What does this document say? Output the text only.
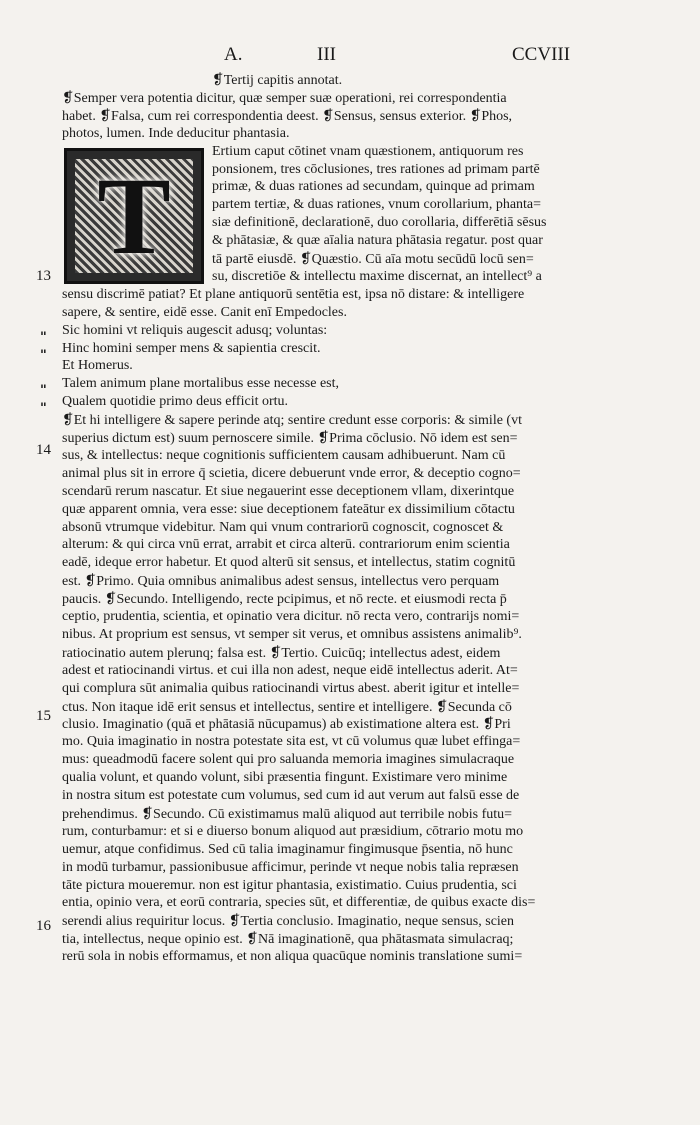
A.	III	CCVIII
T
13
14
15
16
"
"
"
"
❡Tertij capitis annotat.
❡Semper vera potentia dicitur, quæ semper suæ operationi, rei correspondentia
habet. ❡Falsa, cum rei correspondentia deest. ❡Sensus, sensus exterior. ❡Phos,
photos, lumen. Inde deducitur phantasia.
Ertium caput cōtinet vnam quæstionem, antiquorum res
ponsionem, tres cōclusiones, tres rationes ad primam partē
primæ, & duas rationes ad secundam, quinque ad primam
partem tertiæ, & duas rationes, vnum corollarium, phanta=
siæ definitionē, declarationē, duo corollaria, differētiā sēsus
& phātasiæ, & quæ aīalia natura phātasia regatur. post quar
tā partē eiusdē. ❡Quæstio. Cū aīa motu secūdū locū sen=
su, discretiōe & intellectu maxime discernat, an intellect⁹ a
sensu discrimē patiat? Et plane antiquorū sentētia est, ipsa nō distare: & intelligere
sapere, & sentire, eidē esse. Canit enī Empedocles.
Sic homini vt reliquis augescit adusq; voluntas:
Hinc homini semper mens & sapientia crescit.
Et Homerus.
Talem animum plane mortalibus esse necesse est,
Qualem quotidie primo deus efficit ortu.
❡Et hi intelligere & sapere perinde atq; sentire credunt esse corporis: & simile (vt
superius dictum est) suum pernoscere simile. ❡Prima cōclusio. Nō idem est sen=
sus, & intellectus: neque cognitionis sufficientem causam adhibuerunt. Nam cū
animal plus sit in errore q̄ scietia, dicere debuerunt vnde error, & deceptio cogno=
scendarū rerum nascatur. Et siue negauerint esse deceptionem vllam, dixerintque
quæ apparent omnia, vera esse: siue deceptionem fateātur ex dissimilium cōtactu
absonū vtrumque videbitur. Nam qui vnum contrariorū cognoscit, cognoscet &
alterum: & qui circa vnū errat, arrabit et circa alterū. contrariorum enim scientia
eadē, ideque error habetur. Et quod alterū sit sensus, et intellectus, statim cognitū
est. ❡Primo. Quia omnibus animalibus adest sensus, intellectus vero perquam
paucis. ❡Secundo. Intelligendo, recte pcipimus, et nō recte. et eiusmodi recta p̄
ceptio, prudentia, scientia, et opinatio vera dicitur. nō recta vero, contrarijs nomi=
nibus. At proprium est sensus, vt semper sit verus, et omnibus assistens animalib⁹.
ratiocinatio autem plerunq; falsa est. ❡Tertio. Cuicūq; intellectus adest, eidem
adest et ratiocinandi virtus. et cui illa non adest, neque eidē intellectus aderit. At=
qui complura sūt animalia quibus ratiocinandi virtus abest. aberit igitur et intelle=
ctus. Non itaque idē erit sensus et intellectus, sentire et intelligere. ❡Secunda cō
clusio. Imaginatio (quā et phātasiā nūcupamus) ab existimatione altera est. ❡Pri
mo. Quia imaginatio in nostra potestate sita est, vt cū volumus quæ lubet effinga=
mus: queadmodū facere solent qui pro saluanda memoria imagines simulacraque
qualia volunt, et quando volunt, sibi præsentia fingunt. Existimare vero minime
in nostra situm est potestate cum volumus, sed cum id aut verum aut falsū esse de
prehendimus. ❡Secundo. Cū existimamus malū aliquod aut terribile nobis futu=
rum, conturbamur: et si e diuerso bonum aliquod aut præsidium, cōtrario motu mo
uemur, atque confidimus. Sed cū talia imaginamur fingimusque p̄sentia, nō hunc
in modū turbamur, passionibusue afficimur, perinde vt neque nobis talia repræsen
tāte pictura moueremur. non est igitur phantasia, existimatio. Cuius prudentia, sci
entia, opinio vera, et eorū contraria, species sūt, et differentiæ, de quibus exacte dis=
serendi alius requiritur locus. ❡Tertia conclusio. Imaginatio, neque sensus, scien
tia, intellectus, neque opinio est. ❡Nā imaginationē, qua phātasmata simulacraq;
rerū sola in nobis efformamus, et non aliqua quacūque nominis translatione sumi=
